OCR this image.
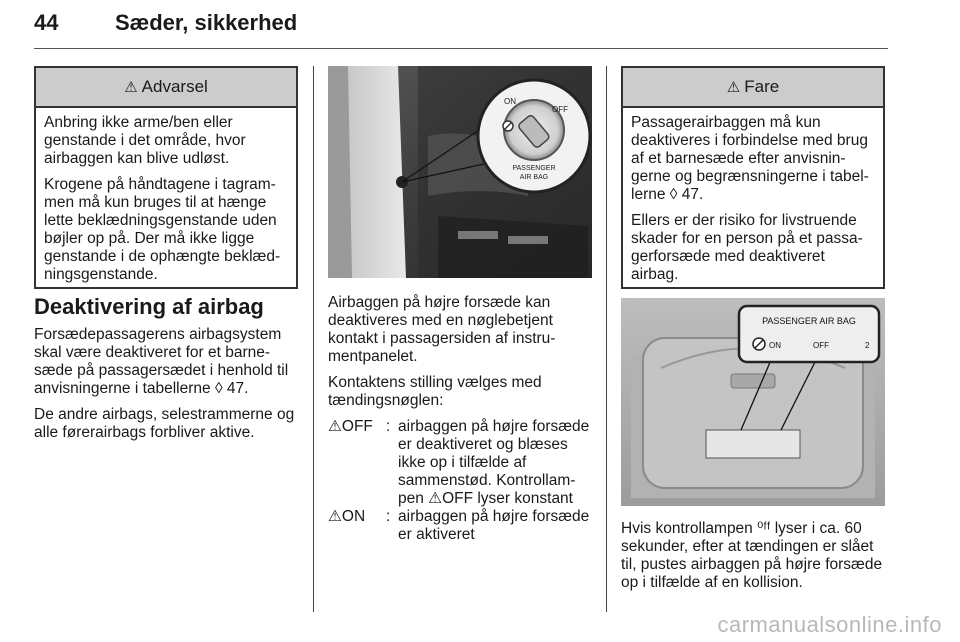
44	Sæder, sikkerhed
⚠ Advarsel

Anbring ikke arme/ben eller genstande i det område, hvor airbaggen kan blive udløst.

Krogene på håndtagene i tagram-men må kun bruges til at hænge lette beklædningsgenstande uden bøjler op på. Der må ikke ligge genstande i de ophængte beklæd-ningsgenstande.

Deaktivering af airbag

Forsædepassagerens airbagsystem skal være deaktiveret for et barne-sæde på passagersædet i henhold til anvisningerne i tabellerne ◊ 47.

De andre airbags, selestrammerne og alle førerairbags forbliver aktive.

ON
OFF
PASSENGER
AIR BAG

Airbaggen på højre forsæde kan deaktiveres med en nøglebetjent kontakt i passagersiden af instru-mentpanelet.

Kontaktens stilling vælges med tændingsnøglen:

⚠OFF : airbaggen på højre forsæde er deaktiveret og blæses ikke op i tilfælde af sammenstød. Kontrollam-pen ⚠OFF lyser konstant
⚠ON	: airbaggen på højre forsæde er aktiveret
⚠ Fare

Passagerairbaggen må kun deaktiveres i forbindelse med brug af et barnesæde efter anvisnin-gerne og begrænsningerne i tabel-lerne ◊ 47.

Ellers er der risiko for livstruende skader for en person på et passa-gerforsæde med deaktiveret airbag.

PASSENGER AIR BAG
ON	OFF	2

Hvis kontrollampen ⁰ᶠᶠ lyser i ca. 60 sekunder, efter at tændingen er slået til, pustes airbaggen på højre forsæde op i tilfælde af en kollision.

carmanualsonline.info
